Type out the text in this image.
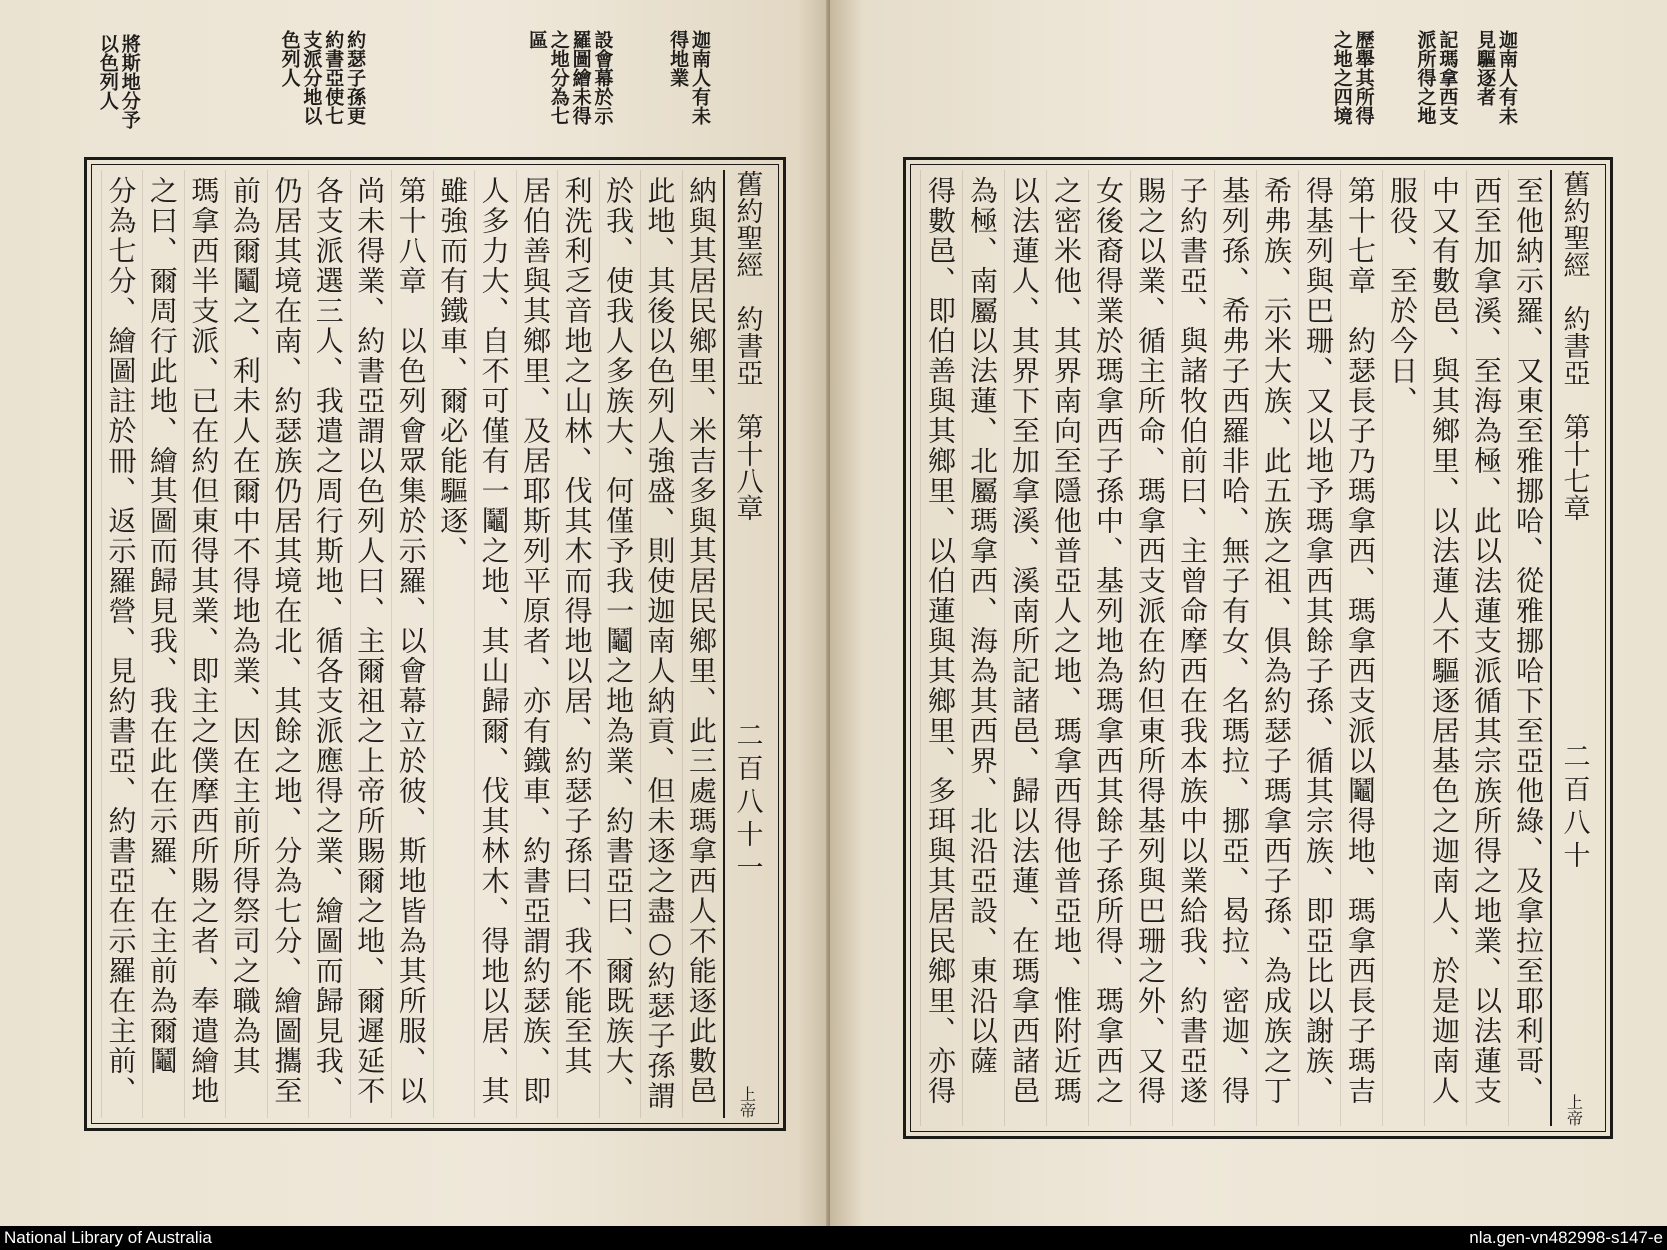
迦南人有未得地業

設會幕於示羅圖繪未得之地分為七區
約瑟子孫更約書亞使七支派分地以色列人
舊約聖經　約書亞　第十八章
二百八十一
上帝
納與其居民鄉里、米吉多與其居民鄉里、此三處瑪拿西人不能逐此數邑
此地、其後以色列人強盛、則使迦南人納貢、但未逐之盡○約瑟子孫謂
於我、使我人多族大、何僅予我一鬮之地為業、約書亞曰、爾既族大、
利洗利乏音地之山林、伐其木而得地以居、約瑟子孫曰、我不能至其
居伯善與其鄉里、及居耶斯列平原者、亦有鐵車、約書亞謂約瑟族、即
人多力大、自不可僅有一鬮之地、其山歸爾、伐其林木、得地以居、其
雖強而有鐵車、爾必能驅逐、
第十八章　以色列會眾集於示羅、以會幕立於彼、斯地皆為其所服、以
尚未得業、約書亞謂以色列人曰、主爾祖之上帝所賜爾之地、爾遲延不
各支派選三人、我遣之周行斯地、循各支派應得之業、繪圖而歸見我、
仍居其境在南、約瑟族仍居其境在北、其餘之地、分為七分、繪圖攜至
前為爾鬮之、利未人在爾中不得地為業、因在主前所得祭司之職為其
瑪拿西半支派、已在約但東得其業、即主之僕摩西所賜之者、奉遣繪地
之曰、爾周行此地、繪其圖而歸見我、我在此在示羅、在主前為爾鬮
分為七分、繪圖註於冊、返示羅營、見約書亞、約書亞在示羅在主前、
將斯地分予以色列人	迦南人有未見驅逐者
記瑪拿西支派所得之地
歷舉其所得之地之四境
舊約聖經　約書亞　第十七章
二百八十
上帝
至他納示羅、又東至雅挪哈、從雅挪哈下至亞他綠、及拿拉至耶利哥、
西至加拿溪、至海為極、此以法蓮支派循其宗族所得之地業、以法蓮支
中又有數邑、與其鄉里、以法蓮人不驅逐居基色之迦南人、於是迦南人
服役、至於今日、
第十七章　約瑟長子乃瑪拿西、瑪拿西支派以鬮得地、瑪拿西長子瑪吉
得基列與巴珊、又以地予瑪拿西其餘子孫、循其宗族、即亞比以謝族、
希弗族、示米大族、此五族之祖、俱為約瑟子瑪拿西子孫、為成族之丁
基列孫、希弗子西羅非哈、無子有女、名瑪拉、挪亞、曷拉、密迦、得
子約書亞、與諸牧伯前曰、主曾命摩西在我本族中以業給我、約書亞遂
賜之以業、循主所命、瑪拿西支派在約但東所得基列與巴珊之外、又得
女後裔得業於瑪拿西子孫中、基列地為瑪拿西其餘子孫所得、瑪拿西之
之密米他、其界南向至隱他普亞人之地、瑪拿西得他普亞地、惟附近瑪
以法蓮人、其界下至加拿溪、溪南所記諸邑、歸以法蓮、在瑪拿西諸邑
為極、南屬以法蓮、北屬瑪拿西、海為其西界、北沿亞設、東沿以薩
得數邑、即伯善與其鄉里、以伯蓮與其鄉里、多珥與其居民鄉里、亦得
National Library of Australia	nla.gen-vn482998-s147-e
